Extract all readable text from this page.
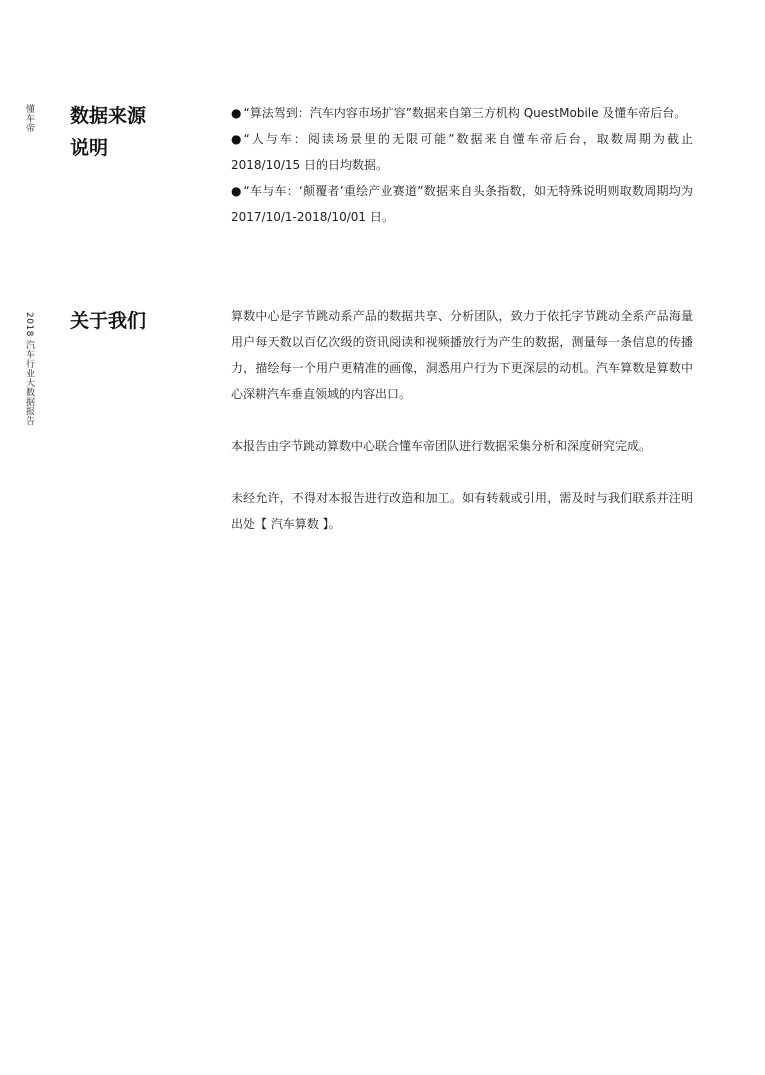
懂车帝
2018 汽车行业大数据报告
数据来源
说明

● “算法驾到：汽车内容市场扩容”数据来自第三方机构 QuestMobile 及懂车帝后台。

● “人与车：阅读场景里的无限可能”数据来自懂车帝后台，取数周期为截止 2018/10/15 日的日均数据。

● “车与车：‘颠覆者’重绘产业赛道”数据来自头条指数，如无特殊说明则取数周期均为 2017/10/1-2018/10/01 日。

关于我们	算数中心是字节跳动系产品的数据共享、分析团队，致力于依托字节跳动全系产品海量用户每天数以百亿次级的资讯阅读和视频播放行为产生的数据，测量每一条信息的传播力，描绘每一个用户更精准的画像，洞悉用户行为下更深层的动机。汽车算数是算数中心深耕汽车垂直领域的内容出口。

本报告由字节跳动算数中心联合懂车帝团队进行数据采集分析和深度研究完成。

未经允许，不得对本报告进行改造和加工。如有转载或引用，需及时与我们联系并注明出处【 汽车算数 】。
